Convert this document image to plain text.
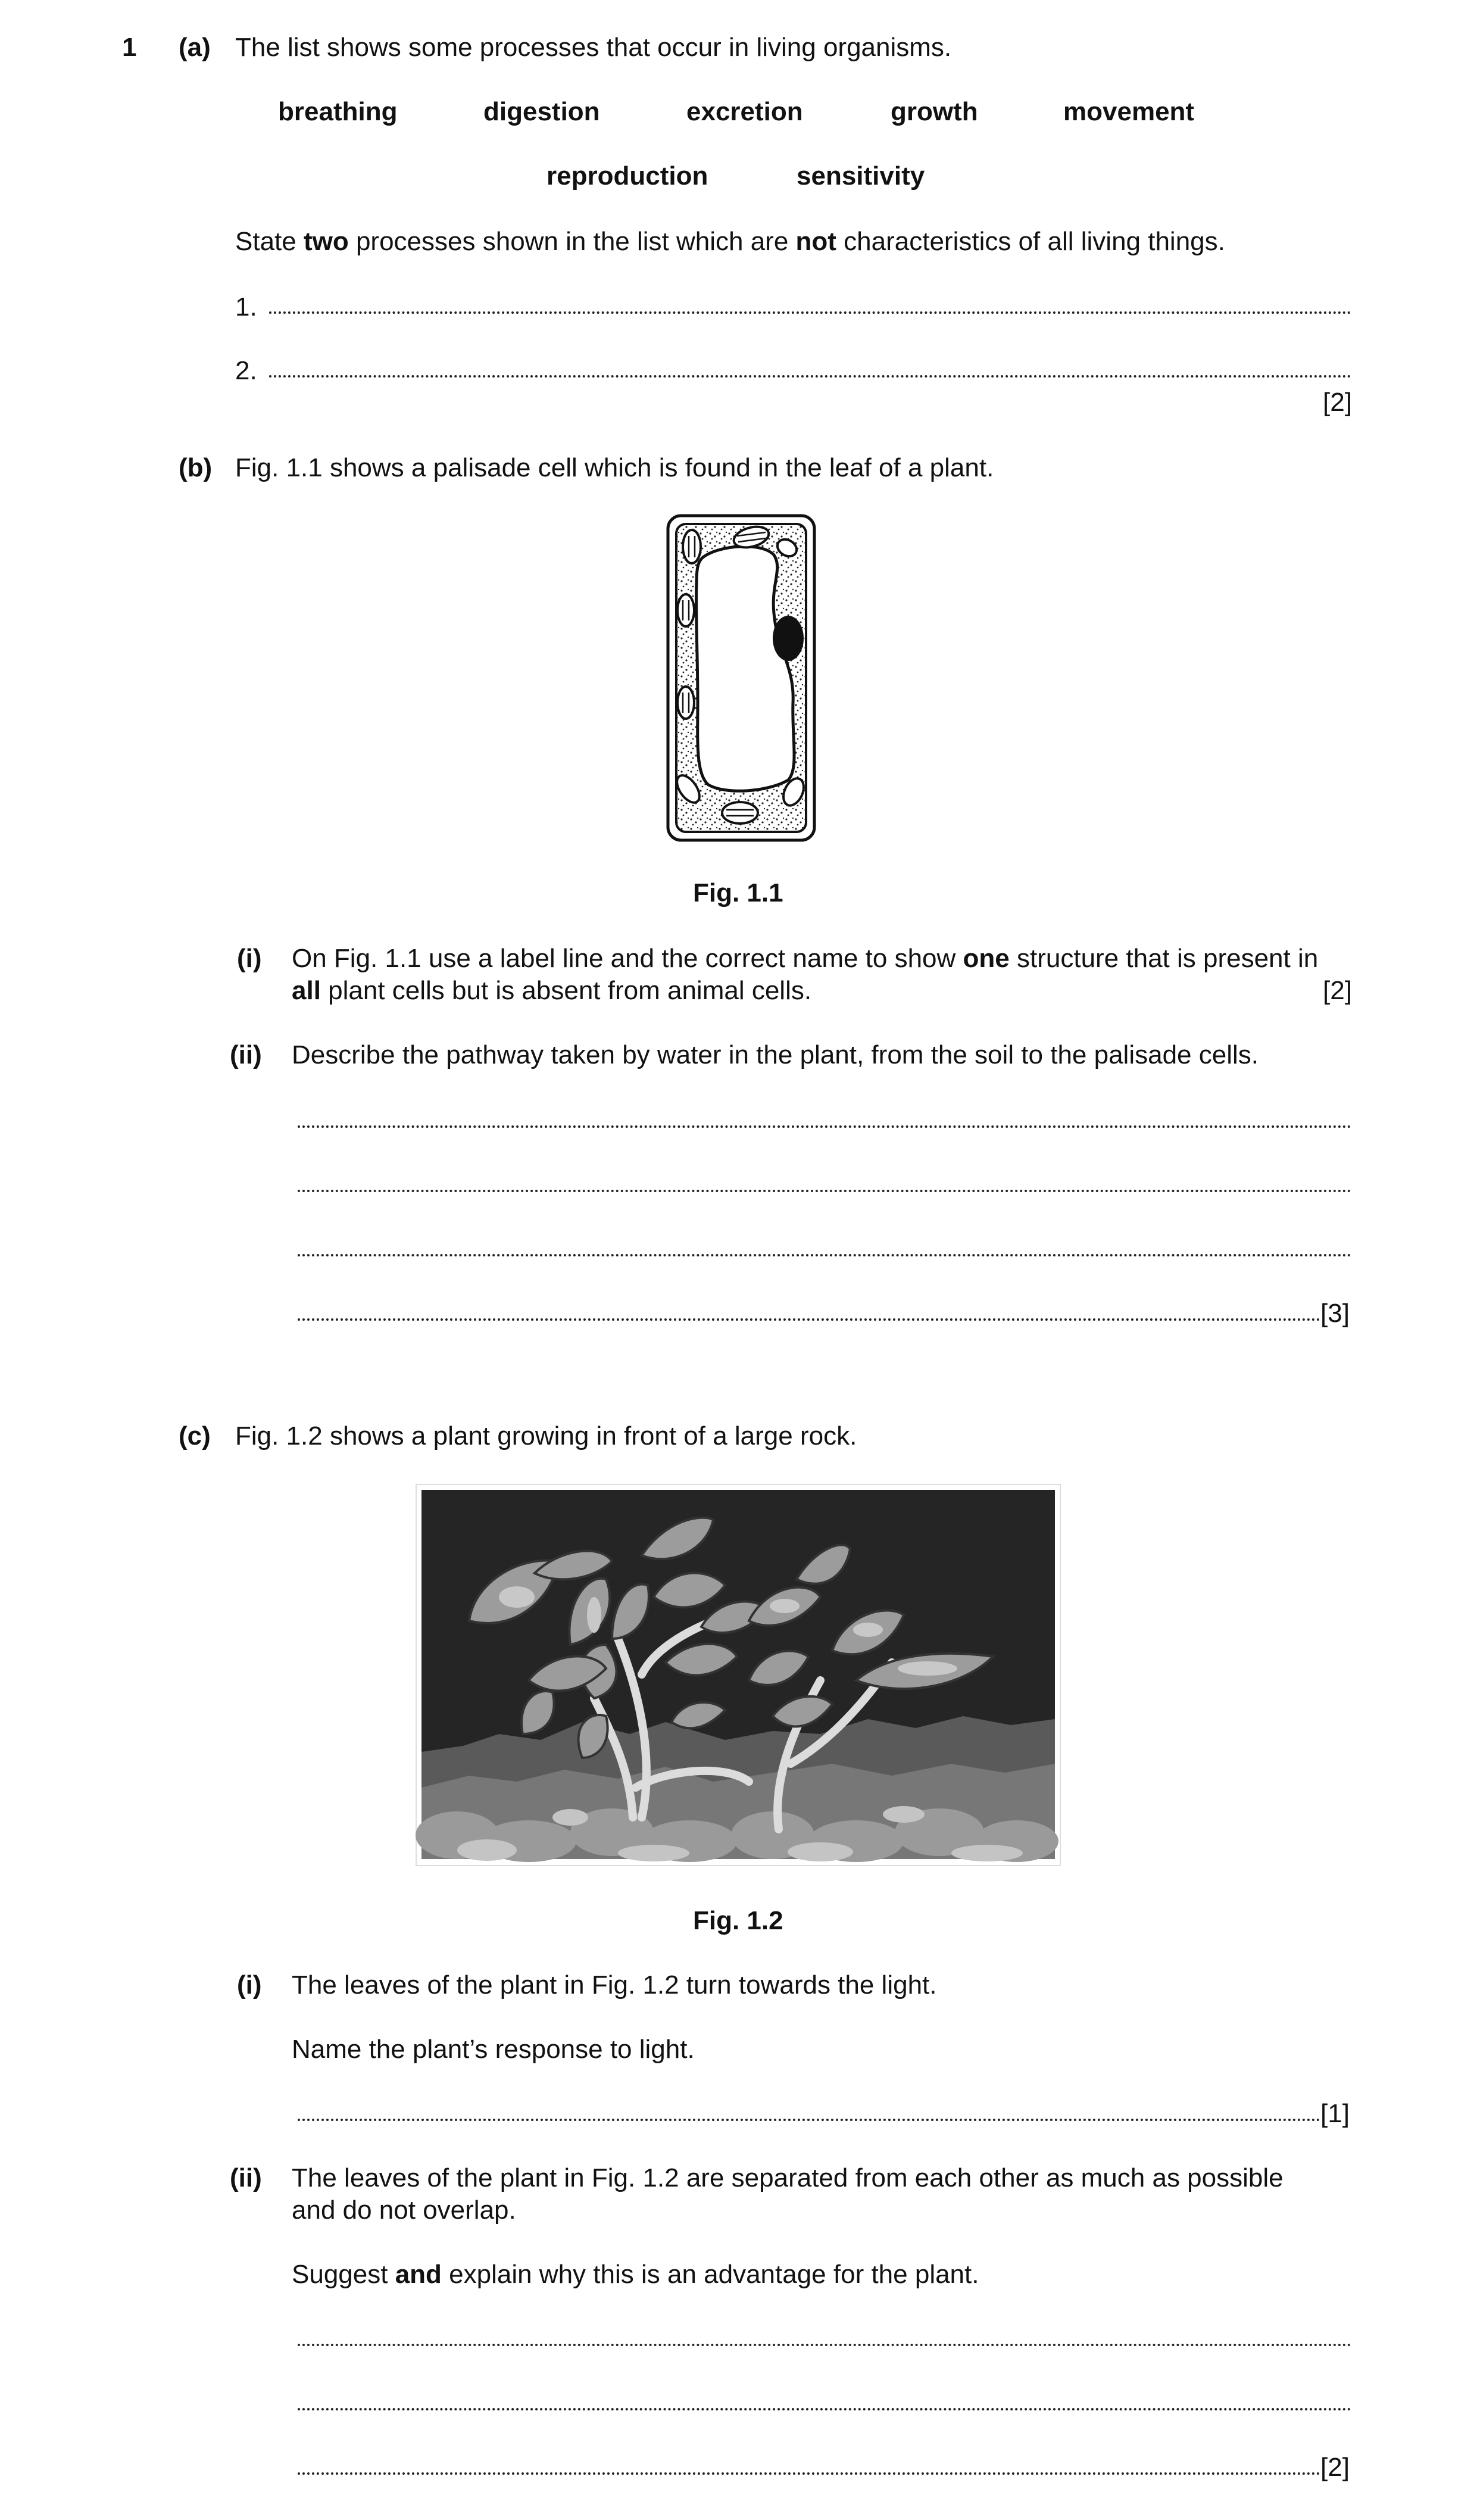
1 (a) The list shows some processes that occur in living organisms.
breathing	digestion	excretion	growth	movement
reproduction	sensitivity
State two processes shown in the list which are not characteristics of all living things.
1.
2.
[2]
(b) Fig. 1.1 shows a palisade cell which is found in the leaf of a plant.
Fig. 1.1
(i) On Fig. 1.1 use a label line and the correct name to show one structure that is present in
all plant cells but is absent from animal cells.	[2]
(ii) Describe the pathway taken by water in the plant, from the soil to the palisade cells.
[3]
(c) Fig. 1.2 shows a plant growing in front of a large rock.
Fig. 1.2
(i) The leaves of the plant in Fig. 1.2 turn towards the light.
Name the plant’s response to light.
[1]
(ii) The leaves of the plant in Fig. 1.2 are separated from each other as much as possible
and do not overlap.
Suggest and explain why this is an advantage for the plant.
[2]
